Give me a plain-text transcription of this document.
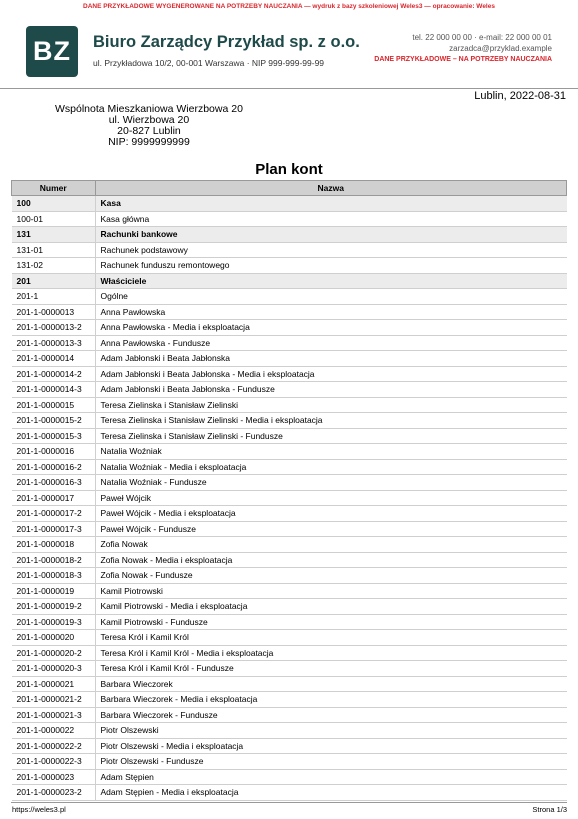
DANE PRZYKŁADOWE WYGENEROWANE NA POTRZEBY NAUCZANIA — wydruk z bazy szkoleniowej Weles3 — opracowanie: Weles
BZ	Biuro Zarządcy Przykład sp. z o.o.
ul. Przykładowa 10/2, 00-001 Warszawa · NIP 999-999-99-99
tel. 22 000 00 00 · e-mail: 22 000 00 01
zarzadca@przyklad.example
DANE PRZYKŁADOWE – NA POTRZEBY NAUCZANIA
Lublin, 2022-08-31
Wspólnota Mieszkaniowa Wierzbowa 20
ul. Wierzbowa 20
20-827 Lublin
NIP: 9999999999
Plan kont
Numer	Nazwa
100	Kasa
100-01	Kasa główna
131	Rachunki bankowe
131-01	Rachunek podstawowy
131-02	Rachunek funduszu remontowego
201	Właściciele
201-1	Ogólne
201-1-0000013	Anna Pawłowska
201-1-0000013-2	Anna Pawłowska - Media i eksploatacja
201-1-0000013-3	Anna Pawłowska - Fundusze
201-1-0000014	Adam Jabłonski i Beata Jabłonska
201-1-0000014-2	Adam Jabłonski i Beata Jabłonska - Media i eksploatacja
201-1-0000014-3	Adam Jabłonski i Beata Jabłonska - Fundusze
201-1-0000015	Teresa Zielinska i Stanisław Zielinski
201-1-0000015-2	Teresa Zielinska i Stanisław Zielinski - Media i eksploatacja
201-1-0000015-3	Teresa Zielinska i Stanisław Zielinski - Fundusze
201-1-0000016	Natalia Woźniak
201-1-0000016-2	Natalia Woźniak - Media i eksploatacja
201-1-0000016-3	Natalia Woźniak - Fundusze
201-1-0000017	Paweł Wójcik
201-1-0000017-2	Paweł Wójcik - Media i eksploatacja
201-1-0000017-3	Paweł Wójcik - Fundusze
201-1-0000018	Zofia Nowak
201-1-0000018-2	Zofia Nowak - Media i eksploatacja
201-1-0000018-3	Zofia Nowak - Fundusze
201-1-0000019	Kamil Piotrowski
201-1-0000019-2	Kamil Piotrowski - Media i eksploatacja
201-1-0000019-3	Kamil Piotrowski - Fundusze
201-1-0000020	Teresa Król i Kamil Król
201-1-0000020-2	Teresa Król i Kamil Król - Media i eksploatacja
201-1-0000020-3	Teresa Król i Kamil Król - Fundusze
201-1-0000021	Barbara Wieczorek
201-1-0000021-2	Barbara Wieczorek - Media i eksploatacja
201-1-0000021-3	Barbara Wieczorek - Fundusze
201-1-0000022	Piotr Olszewski
201-1-0000022-2	Piotr Olszewski - Media i eksploatacja
201-1-0000022-3	Piotr Olszewski - Fundusze
201-1-0000023	Adam Stępien
201-1-0000023-2	Adam Stępien - Media i eksploatacja
https://weles3.pl	Strona 1/3
